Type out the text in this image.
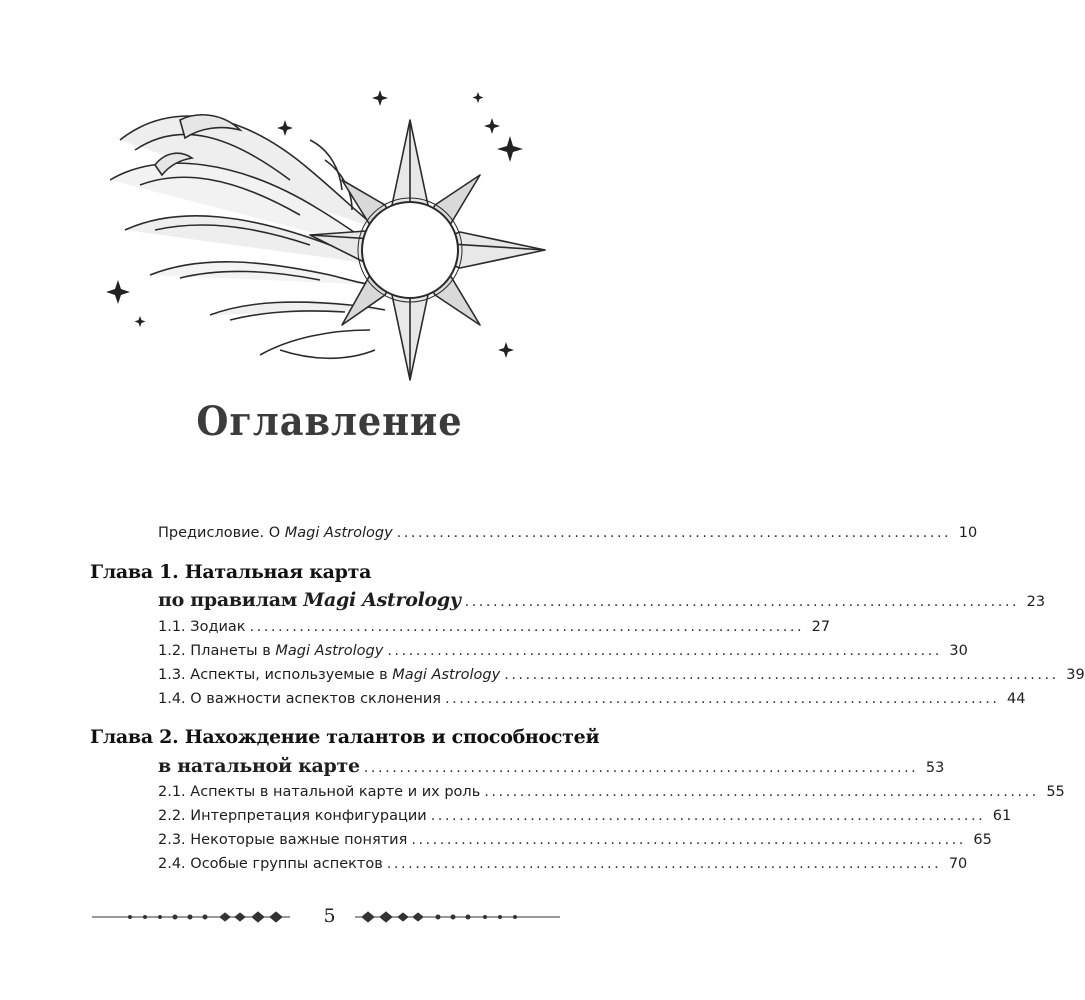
Оглавление
Предисловие. О Magi Astrology .............................................................................. 10
Глава 1. Натальная карта
по правилам Magi Astrology .............................................................................. 23
1.1. Зодиак .............................................................................. 27
1.2. Планеты в Magi Astrology .............................................................................. 30
1.3. Аспекты, используемые в Magi Astrology .............................................................................. 39
1.4. О важности аспектов склонения .............................................................................. 44
Глава 2. Нахождение талантов и способностей
в натальной карте .............................................................................. 53
2.1. Аспекты в натальной карте и их роль .............................................................................. 55
2.2. Интерпретация конфигурации .............................................................................. 61
2.3. Некоторые важные понятия .............................................................................. 65
2.4. Особые группы аспектов .............................................................................. 70
5
